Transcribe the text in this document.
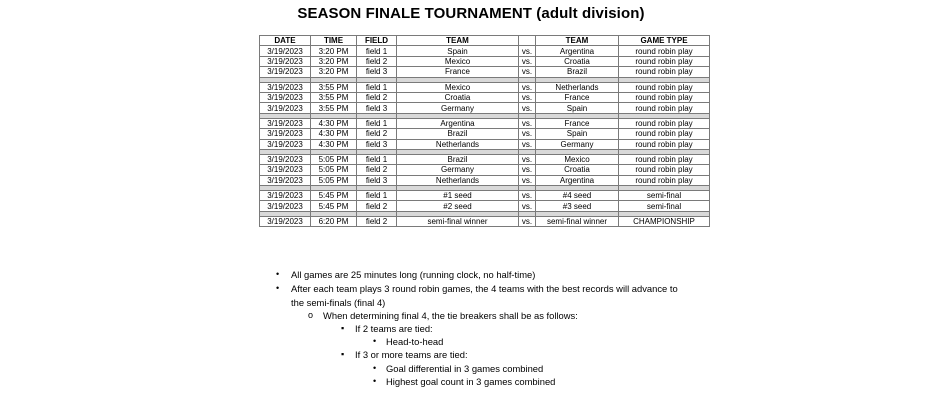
SEASON FINALE TOURNAMENT (adult division)
DATE	TIME	FIELD	TEAM		TEAM	GAME TYPE
3/19/2023	3:20 PM	field 1	Spain	vs.	Argentina	round robin play
3/19/2023	3:20 PM	field 2	Mexico	vs.	Croatia	round robin play
3/19/2023	3:20 PM	field 3	France	vs.	Brazil	round robin play

3/19/2023	3:55 PM	field 1	Mexico	vs.	Netherlands	round robin play
3/19/2023	3:55 PM	field 2	Croatia	vs.	France	round robin play
3/19/2023	3:55 PM	field 3	Germany	vs.	Spain	round robin play

3/19/2023	4:30 PM	field 1	Argentina	vs.	France	round robin play
3/19/2023	4:30 PM	field 2	Brazil	vs.	Spain	round robin play
3/19/2023	4:30 PM	field 3	Netherlands	vs.	Germany	round robin play

3/19/2023	5:05 PM	field 1	Brazil	vs.	Mexico	round robin play
3/19/2023	5:05 PM	field 2	Germany	vs.	Croatia	round robin play
3/19/2023	5:05 PM	field 3	Netherlands	vs.	Argentina	round robin play

3/19/2023	5:45 PM	field 1	#1 seed	vs.	#4 seed	semi-final
3/19/2023	5:45 PM	field 2	#2 seed	vs.	#3 seed	semi-final

3/19/2023	6:20 PM	field 2	semi-final winner	vs.	semi-final winner	CHAMPIONSHIP
• All games are 25 minutes long (running clock, no half-time)
• After each team plays 3 round robin games, the 4 teams with the best records will advance to
the semi-finals (final 4)
o When determining final 4, the tie breakers shall be as follows:
▪ If 2 teams are tied:
• Head-to-head
▪ If 3 or more teams are tied:
• Goal differential in 3 games combined
• Highest goal count in 3 games combined
